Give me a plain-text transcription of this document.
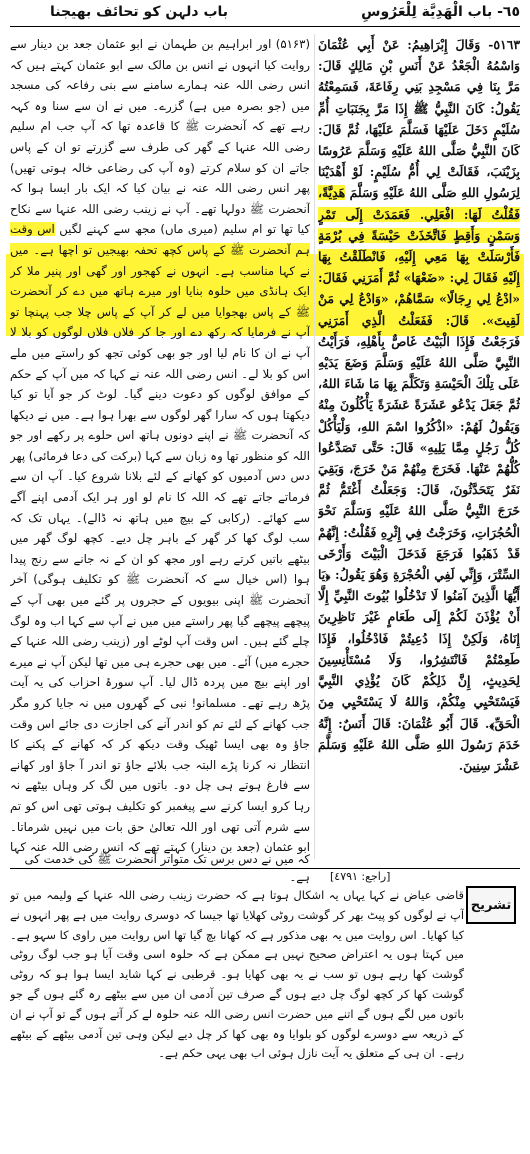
٦٥- باب الْهَدِيَّة لِلْعَرُوسِ
باب دلہن کو تحائف بھیجنا

٥١٦٣- وَقَالَ إِبْرَاهِيمُ: عَنْ أَبِي عُثْمَانَ وَاسْمُهُ الْجَعْدُ عَنْ أَنَسِ بْنِ مَالِكٍ قَالَ: مَرَّ بِنَا فِي مَسْجِدِ بَنِي رِفَاعَةَ، فَسَمِعْتُهُ يَقُولُ: كَانَ النَّبِيُّ ﷺ إِذَا مَرَّ بِجَنَبَاتِ أُمِّ سُلَيْمٍ دَخَلَ عَلَيْهَا فَسَلَّمَ عَلَيْهَا، ثُمَّ قَالَ: كَانَ النَّبِيُّ صَلَّى اللهُ عَلَيْهِ وَسَلَّمَ عَرُوسًا بِزَيْنَبَ، فَقَالَتْ لِي أُمُّ سُلَيْمٍ: لَوْ أَهْدَيْنَا لِرَسُولِ اللهِ صَلَّى اللهُ عَلَيْهِ وَسَلَّمَ هَدِيَّةً، فَقُلْتُ لَهَا: افْعَلِي. فَعَمَدَتْ إِلَى تَمْرٍ وَسَمْنٍ وَأَقِطٍ فَاتَّخَذَتْ حَيْسَةً فِي بُرْمَةٍ فَأَرْسَلَتْ بِهَا مَعِي إِلَيْهِ، فَانْطَلَقْتُ بِهَا إِلَيْهِ فَقَالَ لِي: «ضَعْهَا» ثُمَّ أَمَرَنِي فَقَالَ: «ادْعُ لِي رِجَالًا» سَمَّاهُمْ، «وَادْعُ لِي مَنْ لَقِيتَ». قَالَ: فَفَعَلْتُ الَّذِي أَمَرَنِي فَرَجَعْتُ فَإِذَا الْبَيْتُ غَاصٌّ بِأَهْلِهِ، فَرَأَيْتُ النَّبِيَّ صَلَّى اللهُ عَلَيْهِ وَسَلَّمَ وَضَعَ يَدَيْهِ عَلَى تِلْكَ الْحَيْسَةِ وَتَكَلَّمَ بِهَا مَا شَاءَ اللهُ، ثُمَّ جَعَلَ يَدْعُو عَشَرَةً عَشَرَةً يَأْكُلُونَ مِنْهُ وَيَقُولُ لَهُمْ: «اذْكُرُوا اسْمَ اللهِ، وَلْيَأْكُلْ كُلُّ رَجُلٍ مِمَّا يَلِيهِ» قَالَ: حَتَّى تَصَدَّعُوا كُلُّهُمْ عَنْهَا. فَخَرَجَ مِنْهُمْ مَنْ خَرَجَ، وَبَقِيَ نَفَرٌ يَتَحَدَّثُونَ، قَالَ: وَجَعَلْتُ أَغْتَمُّ ثُمَّ خَرَجَ النَّبِيُّ صَلَّى اللهُ عَلَيْهِ وَسَلَّمَ نَحْوَ الْحُجُرَاتِ، وَخَرَجْتُ فِي إِثْرِهِ فَقُلْتُ: إِنَّهُمْ قَدْ ذَهَبُوا فَرَجَعَ فَدَخَلَ الْبَيْتَ وَأَرْخَى السِّتْرَ، وَإِنِّي لَفِي الْحُجْرَةِ وَهُوَ يَقُولُ: ﴿يَا أَيُّهَا الَّذِينَ آمَنُوا لَا تَدْخُلُوا بُيُوتَ النَّبِيِّ إِلَّا أَنْ يُؤْذَنَ لَكُمْ إِلَى طَعَامٍ غَيْرَ نَاظِرِينَ إِنَاهُ، وَلَكِنْ إِذَا دُعِيتُمْ فَادْخُلُوا، فَإِذَا طَعِمْتُمْ فَانْتَشِرُوا، وَلَا مُسْتَأْنِسِينَ لِحَدِيثٍ، إِنَّ ذَلِكُمْ كَانَ يُؤْذِي النَّبِيَّ فَيَسْتَحْيِي مِنْكُمْ، وَاللهُ لَا يَسْتَحْيِي مِنَ الْحَقِّ﴾. قَالَ أَبُو عُثْمَانَ: قَالَ أَنَسٌ: إِنَّهُ خَدَمَ رَسُولَ اللهِ صَلَّى اللهُ عَلَيْهِ وَسَلَّمَ عَشْرَ سِنِينَ.

(۵۱۶۳) اور ابراہیم بن طہمان نے ابو عثمان جعد بن دینار سے روایت کیا انہوں نے انس بن مالک سے ابو عثمان کہتے ہیں کہ انس رضی اللہ عنہ ہمارے سامنے سے بنی رفاعہ کی مسجد میں (جو بصرہ میں ہے) گزرے۔ میں نے ان سے سنا وہ کہہ رہے تھے کہ آنحضرت ﷺ کا قاعدہ تھا کہ آپ جب ام سلیم رضی اللہ عنہا کے گھر کی طرف سے گزرتے تو ان کے پاس جاتے ان کو سلام کرتے (وہ آپ کی رضاعی خالہ ہوتی تھیں) پھر انس رضی اللہ عنہ نے بیان کیا کہ ایک بار ایسا ہوا کہ آنحضرت ﷺ دولہا تھے۔ آپ نے زینب رضی اللہ عنہا سے نکاح کیا تھا تو ام سلیم (میری ماں) مجھ سے کہنے لگیں اس وقت ہم آنحضرت ﷺ کے پاس کچھ تحفہ بھیجیں تو اچھا ہے۔ میں نے کہا مناسب ہے۔ انہوں نے کھجور اور گھی اور پنیر ملا کر ایک ہانڈی میں حلوہ بنایا اور میرے ہاتھ میں دے کر آنحضرت ﷺ کے پاس بھجوایا میں لے کر آپ کے پاس چلا جب پہنچا تو آپ نے فرمایا کہ رکھ دے اور جا کر فلاں فلاں لوگوں کو بلا لا آپ نے ان کا نام لیا اور جو بھی کوئی تجھ کو راستے میں ملے اس کو بلا لے۔ انس رضی اللہ عنہ نے کہا کہ میں آپ کے حکم کے موافق لوگوں کو دعوت دینے گیا۔ لوٹ کر جو آیا تو کیا دیکھتا ہوں کہ سارا گھر لوگوں سے بھرا ہوا ہے۔ میں نے دیکھا کہ آنحضرت ﷺ نے اپنے دونوں ہاتھ اس حلوے پر رکھے اور جو اللہ کو منظور تھا وہ زبان سے کہا (برکت کی دعا فرمائی) پھر دس دس آدمیوں کو کھانے کے لئے بلانا شروع کیا۔ آپ ان سے فرماتے جاتے تھے کہ اللہ کا نام لو اور ہر ایک آدمی اپنے آگے سے کھائے۔ (رکابی کے بیچ میں ہاتھ نہ ڈالے)۔ یہاں تک کہ سب لوگ کھا کر گھر کے باہر چل دیے۔ کچھ لوگ گھر میں بیٹھے باتیں کرتے رہے اور مجھ کو ان کے نہ جانے سے رنج پیدا ہوا (اس خیال سے کہ آنحضرت ﷺ کو تکلیف ہوگی) آخر آنحضرت ﷺ اپنی بیویوں کے حجروں پر گئے میں بھی آپ کے پیچھے پیچھے گیا پھر راستے میں میں نے آپ سے کہا اب وہ لوگ چلے گئے ہیں۔ اس وقت آپ لوٹے اور (زینب رضی اللہ عنہا کے حجرے میں) آئے۔ میں بھی حجرے ہی میں تھا لیکن آپ نے میرے اور اپنے بیچ میں پردہ ڈال لیا۔ آپ سورۂ احزاب کی یہ آیت پڑھ رہے تھے۔ مسلمانو! نبی کے گھروں میں نہ جایا کرو مگر جب کھانے کے لئے تم کو اندر آنے کی اجازت دی جائے اس وقت جاؤ وہ بھی ایسا ٹھیک وقت دیکھ کر کہ کھانے کے پکنے کا انتظار نہ کرنا پڑے البتہ جب بلائے جاؤ تو اندر آ جاؤ اور کھانے سے فارغ ہوتے ہی چل دو۔ باتوں میں لگ کر وہاں بیٹھے نہ رہا کرو ایسا کرنے سے پیغمبر کو تکلیف ہوتی تھی اس کو تم سے شرم آتی تھی اور اللہ تعالیٰ حق بات میں نہیں شرماتا۔ ابو عثمان (جعد بن دینار) کہتے تھے کہ انس رضی اللہ عنہ کہا

کہ میں نے دس برس تک متواتر آنحضرت ﷺ کی خدمت کی ہے۔ [راجع: ٤٧٩١]
تشریح
قاضی عیاض نے کہا یہاں یہ اشکال ہوتا ہے کہ حضرت زینب رضی اللہ عنہا کے ولیمہ میں تو آپ نے لوگوں کو پیٹ بھر کر گوشت روٹی کھلایا تھا جیسا کہ دوسری روایت میں ہے پھر انہوں نے کیا کھایا۔ اس روایت میں یہ بھی مذکور ہے کہ کھانا بچ گیا تھا اس روایت میں راوی کا سہو ہے۔ میں کہتا ہوں یہ اعتراض صحیح نہیں ہے ممکن ہے کہ حلوہ اسی وقت آیا ہو جب لوگ روٹی گوشت کھا رہے ہوں تو سب نے یہ بھی کھایا ہو۔ قرطبی نے کہا شاید ایسا ہوا ہو کہ روٹی گوشت کھا کر کچھ لوگ چل دیے ہوں گے صرف تین آدمی ان میں سے بیٹھے رہ گئے ہوں گے جو باتوں میں لگے ہوں گے اتنے میں حضرت انس رضی اللہ عنہ حلوہ لے کر آتے ہوں گے تو آپ نے ان کے ذریعہ سے دوسرے لوگوں کو بلوایا وہ بھی کھا کر چل دیے لیکن وہی تین آدمی بیٹھے کے بیٹھے رہے۔ ان ہی کے متعلق یہ آیت نازل ہوئی اب بھی یہی حکم ہے۔
